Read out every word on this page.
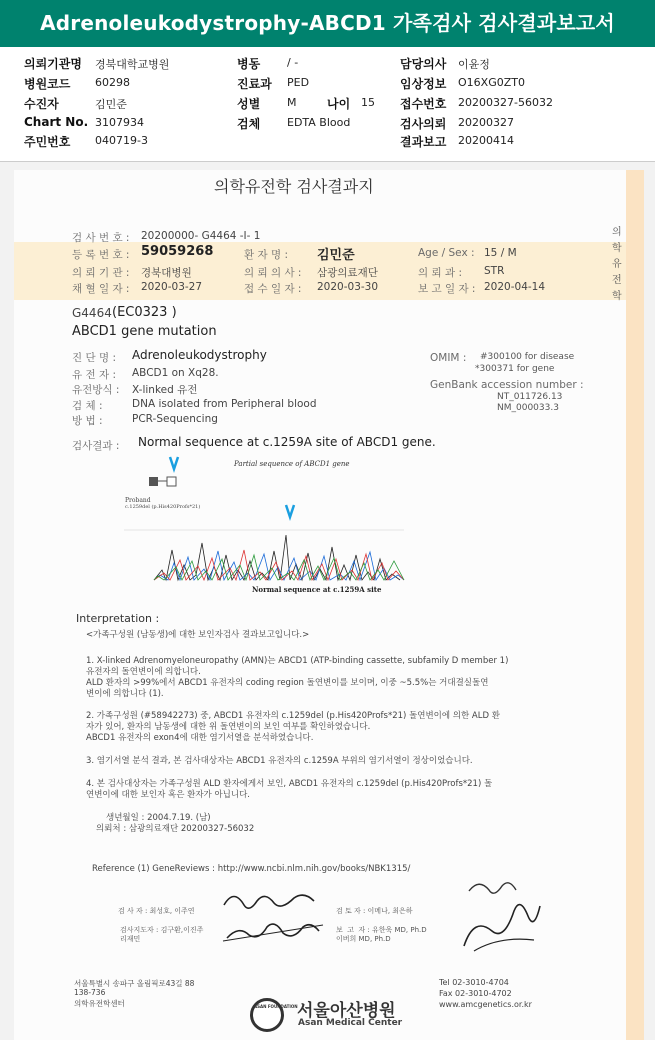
Adrenoleukodystrophy-ABCD1 가족검사 검사결과보고서
의뢰기관명 경북대학교병원
병원코드 60298
수진자	김민준
Chart No. 3107934
주민번호 040719-3
병동 / -
진료과 PED
성별 M	나이 15
검체 EDTA Blood
담당의사 이윤정
임상정보 O16XG0ZT0
접수번호 20200327-56032
검사의뢰 20200327
결과보고 20200414
의학유전학 검사결과지
의학유전학
검 사 번 호 : 20200000- G4464 -I- 1
등 록 번 호 : 59059268	환 자 명 : 김민준	Age / Sex : 15 / M
의 뢰 기 관 : 경북대병원	의 뢰 의 사 : 삼광의료재단	의 뢰 과 : STR
채 혈 일 자 : 2020-03-27	접 수 일 자 : 2020-03-30	보 고 일 자 : 2020-04-14
G4464 (EC0323 )
ABCD1 gene mutation
진 단 명 : Adrenoleukodystrophy
유 전 자 : ABCD1 on Xq28.
유전방식 : X-linked 유전
검 체 :	DNA isolated from Peripheral blood
방 법 :	PCR-Sequencing
OMIM : #300100 for disease
*300371 for gene
GenBank accession number :
NT_011726.13
NM_000033.3
검사결과 : Normal sequence at c.1259A site of ABCD1 gene.
Partial sequence of ABCD1 gene
Proband
c.1259del (p.His420Profs*21)
Normal sequence at c.1259A site
Interpretation :
<가족구성원 (남동생)에 대한 보인자검사 결과보고입니다.>
1. X-linked Adrenomyeloneuropathy (AMN)는 ABCD1 (ATP-binding cassette, subfamily D member 1)
유전자의 돌연변이에 의합니다.
ALD 환자의 >99%에서 ABCD1 유전자의 coding region 돌연변이를 보이며, 이중 ~5.5%는 거대결실돌연
변이에 의합니다 (1).
2. 가족구성원 (#58942273) 중, ABCD1 유전자의 c.1259del (p.His420Profs*21) 돌연변이에 의한 ALD 환
자가 있어, 환자의 남동생에 대한 위 돌연변이의 보인 여부를 확인하였습니다.
ABCD1 유전자의 exon4에 대한 염기서열을 분석하였습니다.
3. 염기서열 분석 결과, 본 검사대상자는 ABCD1 유전자의 c.1259A 부위의 염기서열이 정상이었습니다.
4. 본 검사대상자는 가족구성원 ALD 환자에게서 보인, ABCD1 유전자의 c.1259del (p.His420Profs*21) 돌
연변이에 대한 보인자 혹은 환자가 아닙니다.
생년월일 : 2004.7.19. (남)
의뢰처 : 삼광의료재단 20200327-56032
Reference (1) GeneReviews : http://www.ncbi.nlm.nih.gov/books/NBK1315/
검 사 자 : 최성호, 이주연
검사지도자 : 김구환,이진주
리재민
검 토 자 : 이메나, 최은하
보  고  자 : 유한욱 MD, Ph.D
이버희 MD, Ph.D
서울특별시 송파구 올림픽로43길 88
138-736
의학유전학센터	ASAN FOUNDATION 서울아산병원
Asan Medical Center
Tel 02-3010-4704
Fax 02-3010-4702
www.amcgenetics.or.kr
